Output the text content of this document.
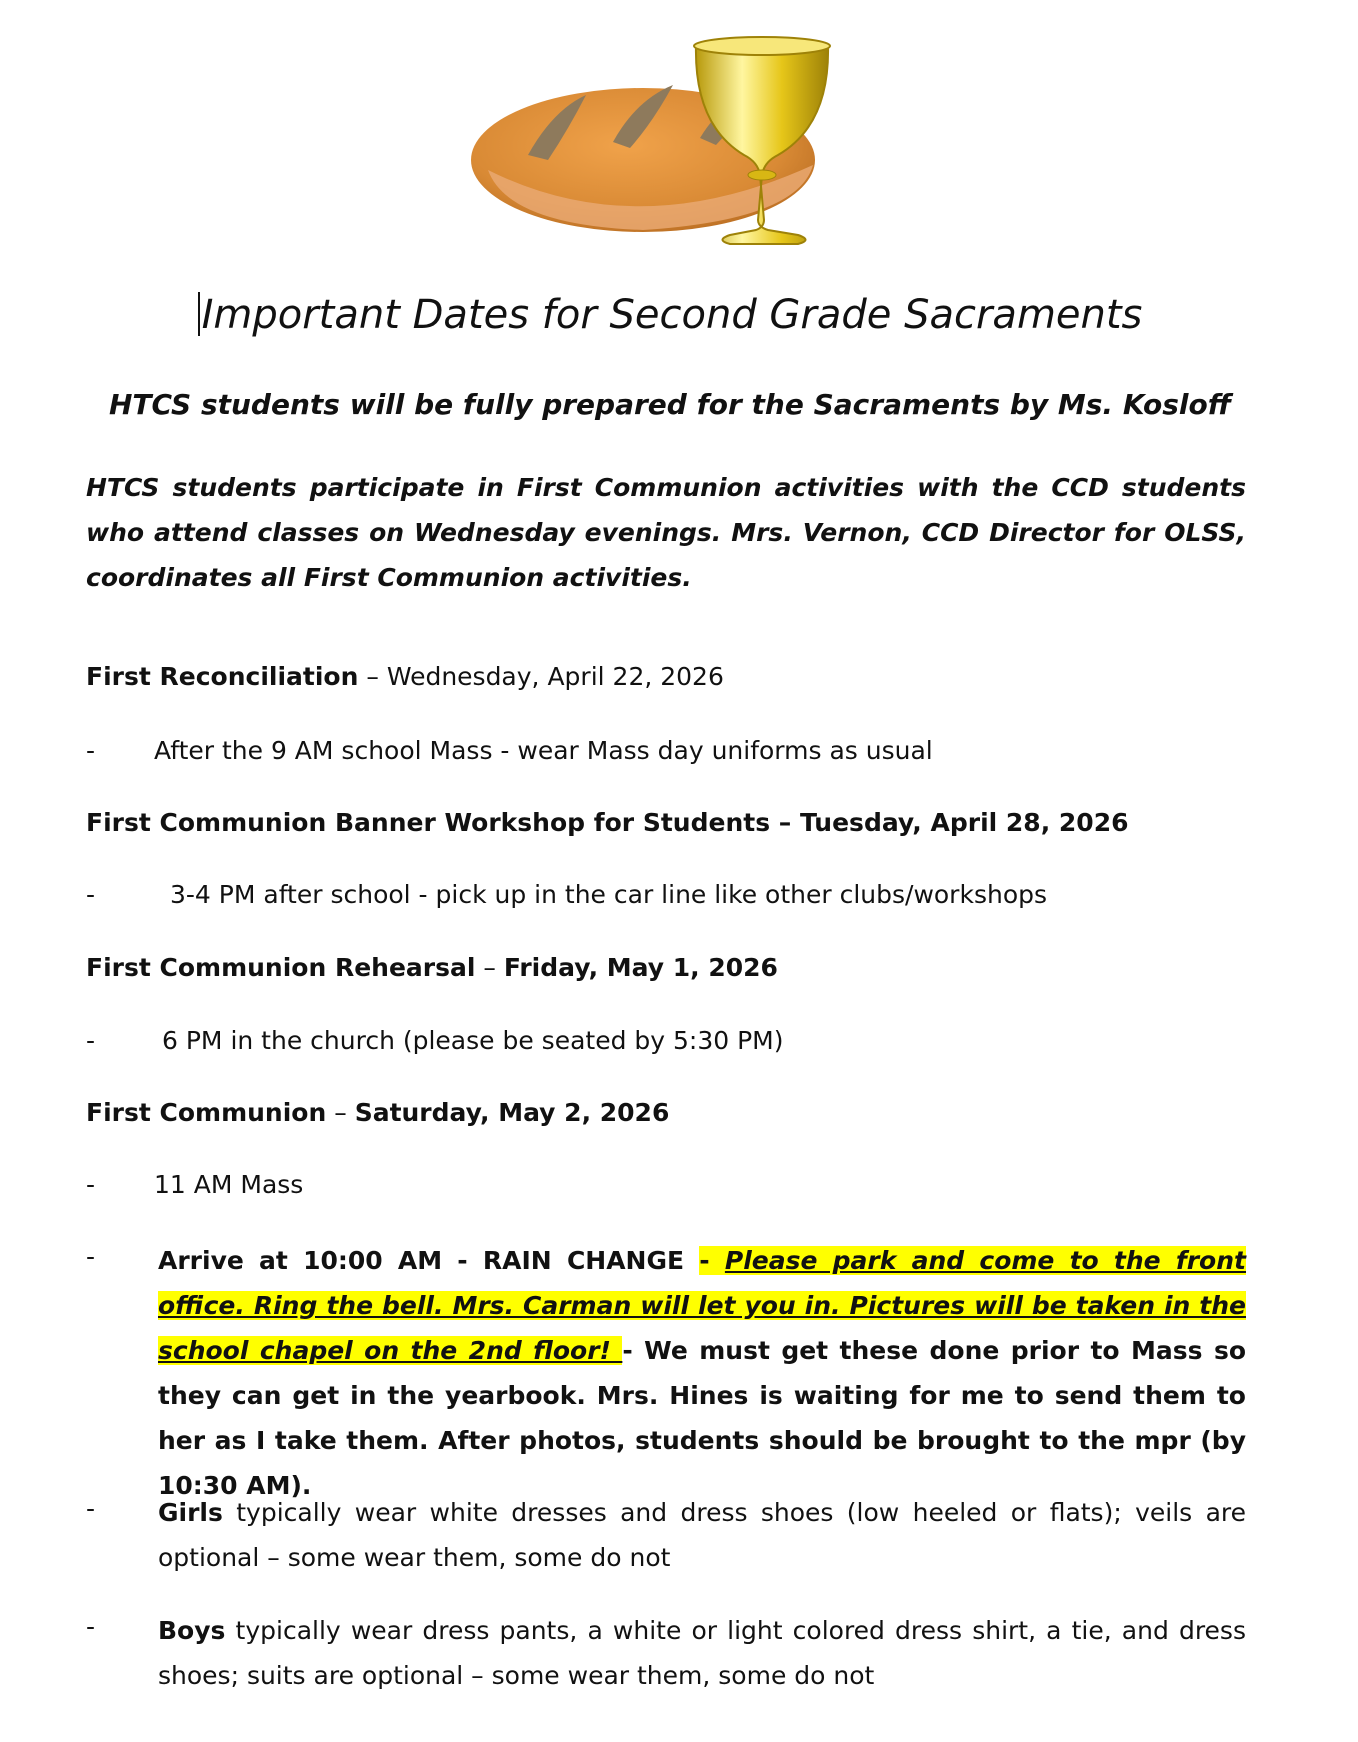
Important Dates for Second Grade Sacraments
HTCS students will be fully prepared for the Sacraments by Ms. Kosloff
HTCS students participate in First Communion activities with the CCD students who attend classes on Wednesday evenings. Mrs. Vernon, CCD Director for OLSS, coordinates all First Communion activities.
First Reconciliation – Wednesday, April 22, 2026
- After the 9 AM school Mass - wear Mass day uniforms as usual
First Communion Banner Workshop for Students – Tuesday, April 28, 2026
-	3-4 PM after school - pick up in the car line like other clubs/workshops
First Communion Rehearsal – Friday, May 1, 2026
-	6 PM in the church (please be seated by 5:30 PM)
First Communion – Saturday, May 2, 2026
- 11 AM Mass
-	Arrive at 10:00 AM - RAIN CHANGE - Please park and come to the front office. Ring the bell. Mrs. Carman will let you in. Pictures will be taken in the school chapel on the 2nd floor! - We must get these done prior to Mass so they can get in the yearbook. Mrs. Hines is waiting for me to send them to her as I take them. After photos, students should be brought to the mpr (by 10:30 AM).
-	Girls typically wear white dresses and dress shoes (low heeled or flats); veils are optional – some wear them, some do not
-	Boys typically wear dress pants, a white or light colored dress shirt, a tie, and dress shoes; suits are optional – some wear them, some do not
